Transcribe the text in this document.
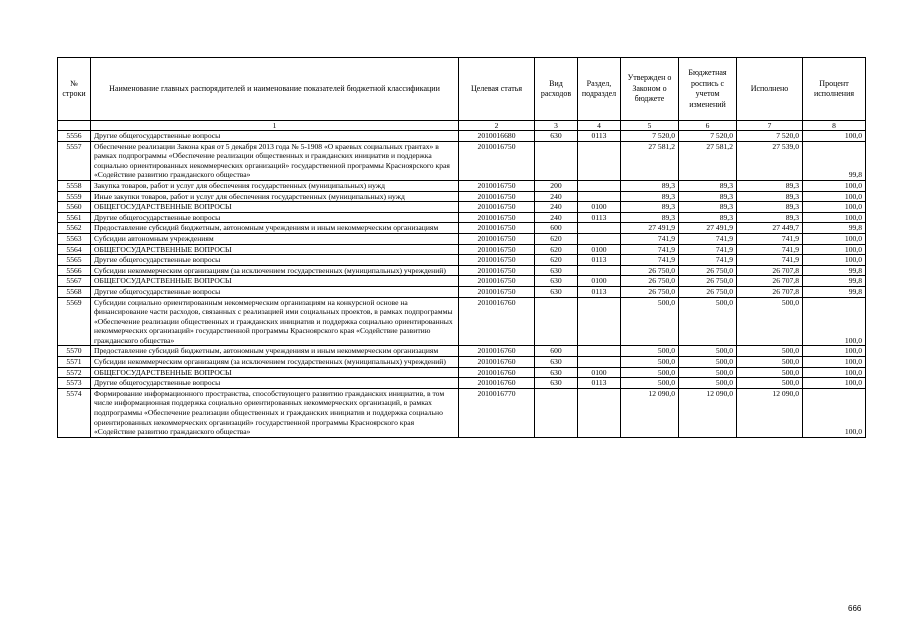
№ строки	Наименование главных распорядителей и наименование показателей бюджетной классификации	Целевая статья	Вид расходов	Раздел, подраздел	Утвержден о Законом о бюджете	Бюджетная роспись с учетом изменений	Исполнено	Процент исполнения
	1	2	3	4	5	6	7	8
5556	Другие общегосударственные вопросы	2010016680	630	0113	7 520,0	7 520,0	7 520,0	100,0
5557	Обеспечение реализации Закона края от 5 декабря 2013 года № 5-1908 «О краевых социальных грантах» в рамках подпрограммы «Обеспечение реализации общественных и гражданских инициатив и поддержка социально ориентированных некоммерческих организаций» государственной программы Красноярского края «Содействие развитию гражданского общества»	2010016750			27 581,2	27 581,2	27 539,0	99,8
5558	Закупка товаров, работ и услуг для обеспечения государственных (муниципальных) нужд	2010016750	200		89,3	89,3	89,3	100,0
5559	Иные закупки товаров, работ и услуг для обеспечения государственных (муниципальных) нужд	2010016750	240		89,3	89,3	89,3	100,0
5560	ОБЩЕГОСУДАРСТВЕННЫЕ ВОПРОСЫ	2010016750	240	0100	89,3	89,3	89,3	100,0
5561	Другие общегосударственные вопросы	2010016750	240	0113	89,3	89,3	89,3	100,0
5562	Предоставление субсидий бюджетным, автономным учреждениям и иным некоммерческим организациям	2010016750	600		27 491,9	27 491,9	27 449,7	99,8
5563	Субсидии автономным учреждениям	2010016750	620		741,9	741,9	741,9	100,0
5564	ОБЩЕГОСУДАРСТВЕННЫЕ ВОПРОСЫ	2010016750	620	0100	741,9	741,9	741,9	100,0
5565	Другие общегосударственные вопросы	2010016750	620	0113	741,9	741,9	741,9	100,0
5566	Субсидии некоммерческим организациям (за исключением государственных (муниципальных) учреждений)	2010016750	630		26 750,0	26 750,0	26 707,8	99,8
5567	ОБЩЕГОСУДАРСТВЕННЫЕ ВОПРОСЫ	2010016750	630	0100	26 750,0	26 750,0	26 707,8	99,8
5568	Другие общегосударственные вопросы	2010016750	630	0113	26 750,0	26 750,0	26 707,8	99,8
5569	Субсидии социально ориентированным некоммерческим организациям на конкурсной основе на финансирование части расходов, связанных с реализацией ими социальных проектов, в рамках подпрограммы «Обеспечение реализации общественных и гражданских инициатив и поддержка социально ориентированных некоммерческих организаций» государственной программы Красноярского края «Содействие развитию гражданского общества»	2010016760			500,0	500,0	500,0	100,0
5570	Предоставление субсидий бюджетным, автономным учреждениям и иным некоммерческим организациям	2010016760	600		500,0	500,0	500,0	100,0
5571	Субсидии некоммерческим организациям (за исключением государственных (муниципальных) учреждений)	2010016760	630		500,0	500,0	500,0	100,0
5572	ОБЩЕГОСУДАРСТВЕННЫЕ ВОПРОСЫ	2010016760	630	0100	500,0	500,0	500,0	100,0
5573	Другие общегосударственные вопросы	2010016760	630	0113	500,0	500,0	500,0	100,0
5574	Формирование информационного пространства, способствующего развитию гражданских инициатив, в том числе информационная поддержка социально ориентированных некоммерческих организаций, в рамках подпрограммы «Обеспечение реализации общественных и гражданских инициатив и поддержка социально ориентированных некоммерческих организаций» государственной программы Красноярского края «Содействие развитию гражданского общества»	2010016770			12 090,0	12 090,0	12 090,0	100,0
666
